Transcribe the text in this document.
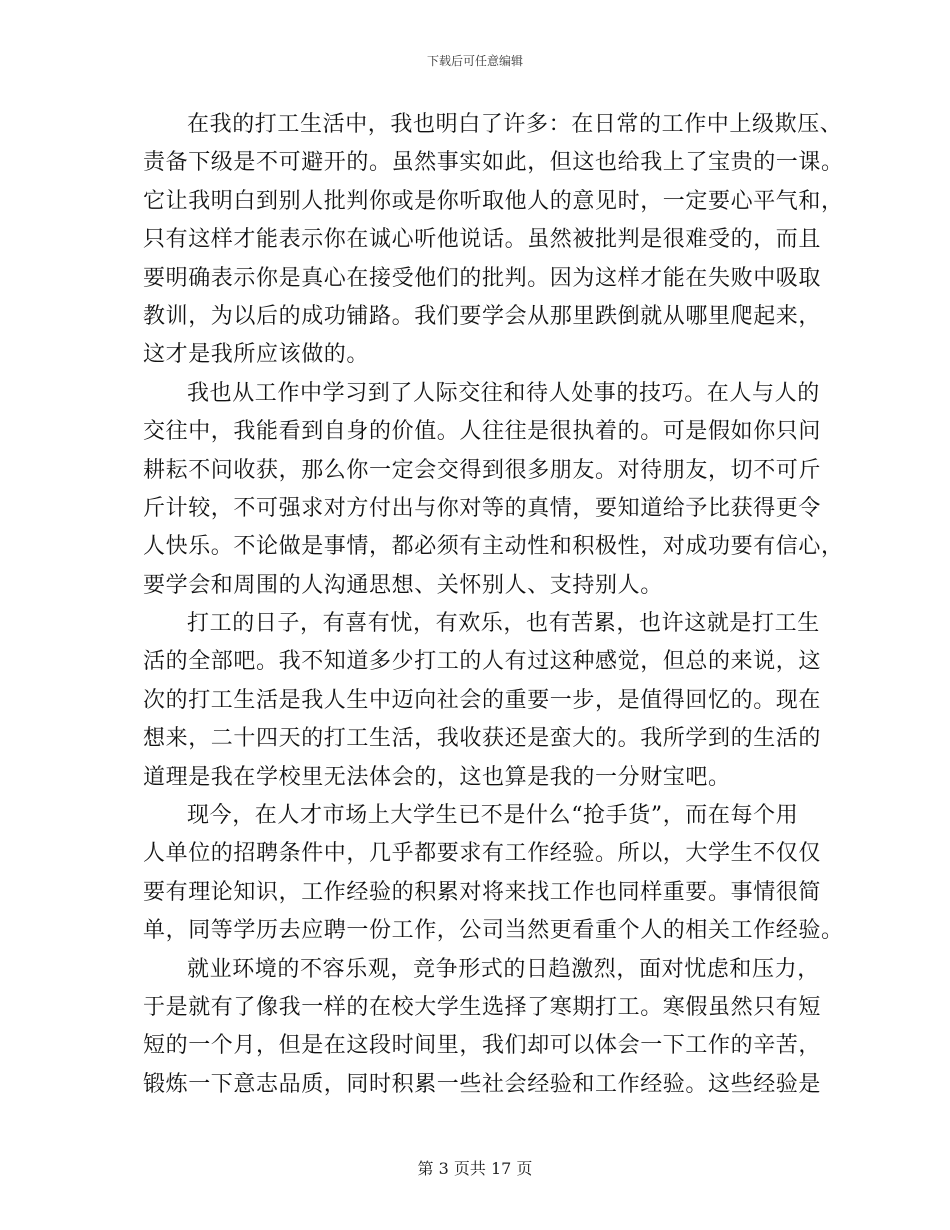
下载后可任意编辑
在我的打工生活中，我也明白了许多：在日常的工作中上级欺压、
责备下级是不可避开的。虽然事实如此，但这也给我上了宝贵的一课。
它让我明白到别人批判你或是你听取他人的意见时，一定要心平气和，
只有这样才能表示你在诚心听他说话。虽然被批判是很难受的，而且
要明确表示你是真心在接受他们的批判。因为这样才能在失败中吸取
教训，为以后的成功铺路。我们要学会从那里跌倒就从哪里爬起来，
这才是我所应该做的。
我也从工作中学习到了人际交往和待人处事的技巧。在人与人的
交往中，我能看到自身的价值。人往往是很执着的。可是假如你只问
耕耘不问收获，那么你一定会交得到很多朋友。对待朋友，切不可斤
斤计较，不可强求对方付出与你对等的真情，要知道给予比获得更令
人快乐。不论做是事情，都必须有主动性和积极性，对成功要有信心，
要学会和周围的人沟通思想、关怀别人、支持别人。
打工的日子，有喜有忧，有欢乐，也有苦累，也许这就是打工生
活的全部吧。我不知道多少打工的人有过这种感觉，但总的来说，这
次的打工生活是我人生中迈向社会的重要一步，是值得回忆的。现在
想来，二十四天的打工生活，我收获还是蛮大的。我所学到的生活的
道理是我在学校里无法体会的，这也算是我的一分财宝吧。
现今，在人才市场上大学生已不是什么“抢手货”，而在每个用
人单位的招聘条件中，几乎都要求有工作经验。所以，大学生不仅仅
要有理论知识，工作经验的积累对将来找工作也同样重要。事情很简
单，同等学历去应聘一份工作，公司当然更看重个人的相关工作经验。
就业环境的不容乐观，竞争形式的日趋激烈，面对忧虑和压力，
于是就有了像我一样的在校大学生选择了寒期打工。寒假虽然只有短
短的一个月，但是在这段时间里，我们却可以体会一下工作的辛苦，
锻炼一下意志品质，同时积累一些社会经验和工作经验。这些经验是
第 3 页共 17 页
